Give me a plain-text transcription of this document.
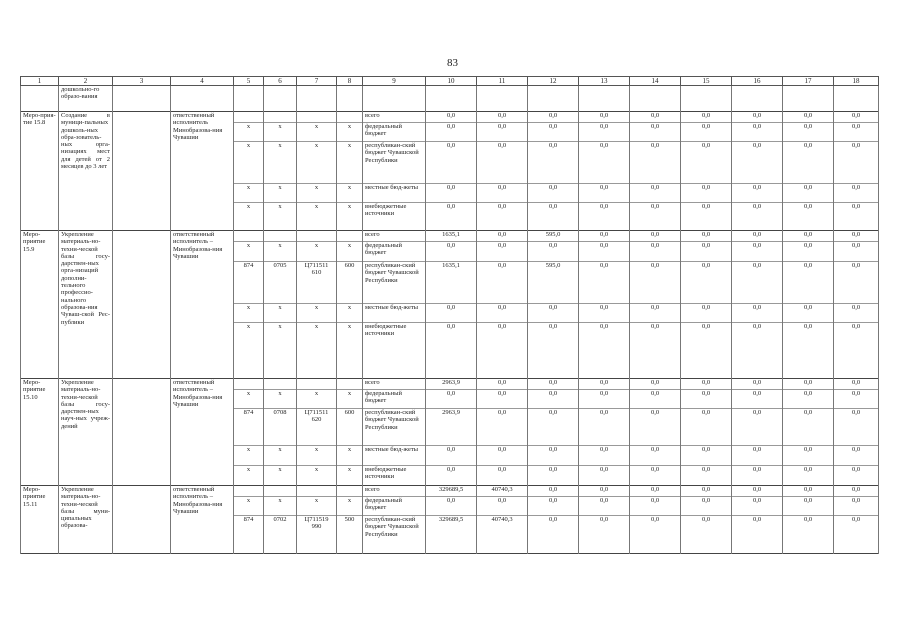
83
1	2	3	4	5	6	7	8	9	10	11	12	13	14	15	16	17	18
	дошкольно-го образо-вания																
Меро-прия-тие 15.8	Создание в муници-пальных дошколь-ных обра-зователь-ных орга-низациях мест для детей от 2 месяцев до 3 лет		ответственный исполнитель Минобразова-ния Чувашии					всего	0,0	0,0	0,0	0,0	0,0	0,0	0,0	0,0	0,0
				x	x	x	x	федеральный бюджет	0,0	0,0	0,0	0,0	0,0	0,0	0,0	0,0	0,0
				x	x	x	x	республикан-ский бюджет Чувашской Республики	0,0	0,0	0,0	0,0	0,0	0,0	0,0	0,0	0,0
				x	x	x	x	местные бюд-жеты	0,0	0,0	0,0	0,0	0,0	0,0	0,0	0,0	0,0
				x	x	x	x	внебюджетные источники	0,0	0,0	0,0	0,0	0,0	0,0	0,0	0,0	0,0
Меро-приятие 15.9	Укрепление материаль-но-техни-ческой базы госу-дарствен-ных орга-низаций дополни-тельного профессио-нального образова-ния Чуваш-ской Рес-публики		ответственный исполнитель – Минобразова-ния Чувашии					всего	1635,1	0,0	595,0	0,0	0,0	0,0	0,0	0,0	0,0
				x	x	x	x	федеральный бюджет	0,0	0,0	0,0	0,0	0,0	0,0	0,0	0,0	0,0
				874	0705	Ц711511 610	600	республикан-ский бюджет Чувашской Республики	1635,1	0,0	595,0	0,0	0,0	0,0	0,0	0,0	0,0
				x	x	x	x	местные бюд-жеты	0,0	0,0	0,0	0,0	0,0	0,0	0,0	0,0	0,0
				x	x	x	x	внебюджетные источники	0,0	0,0	0,0	0,0	0,0	0,0	0,0	0,0	0,0
Меро-приятие 15.10	Укрепление материаль-но-техни-ческой базы госу-дарствен-ных науч-ных учреж-дений		ответственный исполнитель – Минобразова-ния Чувашии					всего	2963,9	0,0	0,0	0,0	0,0	0,0	0,0	0,0	0,0
				x	x	x	x	федеральный бюджет	0,0	0,0	0,0	0,0	0,0	0,0	0,0	0,0	0,0
				874	0708	Ц711511 620	600	республикан-ский бюджет Чувашской Республики	2963,9	0,0	0,0	0,0	0,0	0,0	0,0	0,0	0,0
				x	x	x	x	местные бюд-жеты	0,0	0,0	0,0	0,0	0,0	0,0	0,0	0,0	0,0
				x	x	x	x	внебюджетные источники	0,0	0,0	0,0	0,0	0,0	0,0	0,0	0,0	0,0
Меро-приятие 15.11	Укрепление материаль-но-техни-ческой базы муни-ципальных образова-		ответственный исполнитель – Минобразова-ния Чувашии					всего	329689,5	40740,3	0,0	0,0	0,0	0,0	0,0	0,0	0,0
				x	x	x	x	федеральный бюджет	0,0	0,0	0,0	0,0	0,0	0,0	0,0	0,0	0,0
				874	0702	Ц711519 990	500	республикан-ский бюджет Чувашской Республики	329689,5	40740,3	0,0	0,0	0,0	0,0	0,0	0,0	0,0
